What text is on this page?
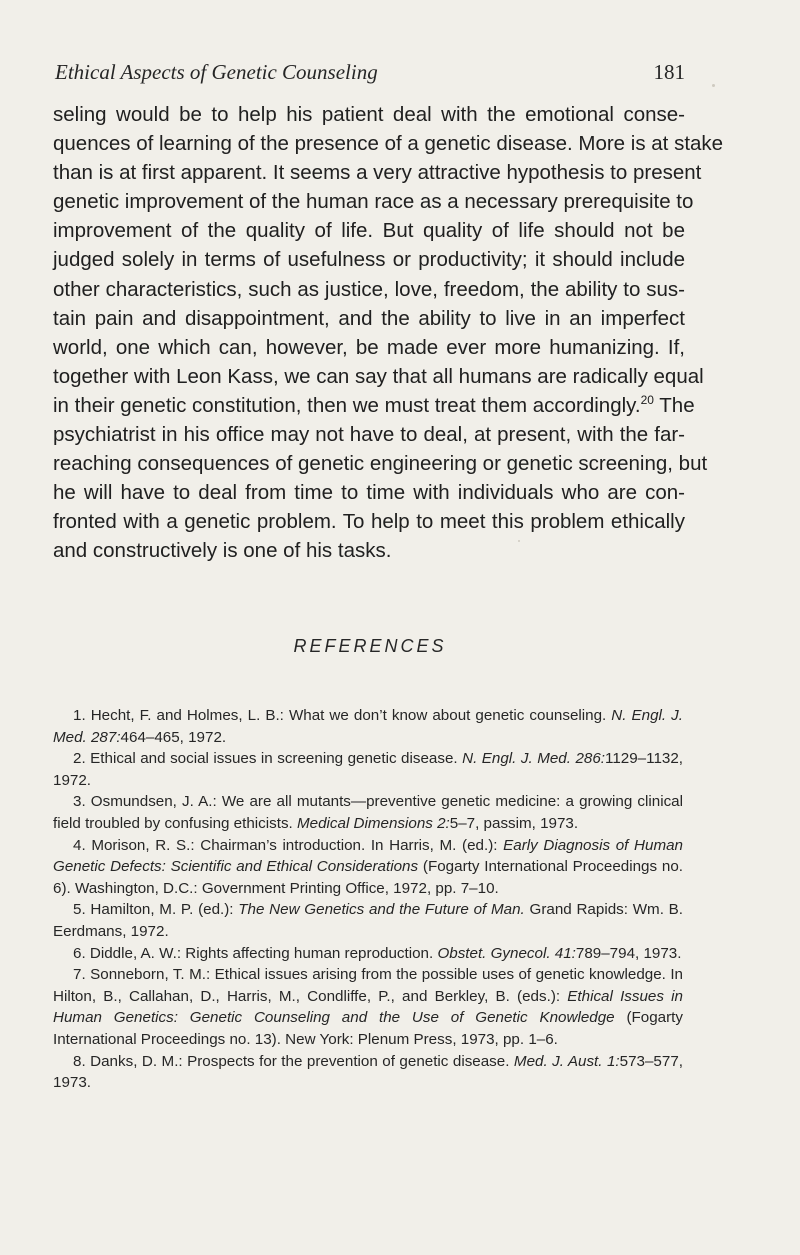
Ethical Aspects of Genetic Counseling	181
seling would be to help his patient deal with the emotional conse-
quences of learning of the presence of a genetic disease. More is at stake
than is at first apparent. It seems a very attractive hypothesis to present
genetic improvement of the human race as a necessary prerequisite to
improvement of the quality of life. But quality of life should not be
judged solely in terms of usefulness or productivity; it should include
other characteristics, such as justice, love, freedom, the ability to sus-
tain pain and disappointment, and the ability to live in an imperfect
world, one which can, however, be made ever more humanizing. If,
together with Leon Kass, we can say that all humans are radically equal
in their genetic constitution, then we must treat them accordingly.$^{20}$ The
psychiatrist in his office may not have to deal, at present, with the far-
reaching consequences of genetic engineering or genetic screening, but
he will have to deal from time to time with individuals who are con-
fronted with a genetic problem. To help to meet this problem ethically
and constructively is one of his tasks.
REFERENCES
1. Hecht, F. and Holmes, L. B.: What we don’t know about genetic counseling. N. Engl. J. Med. 287:464–465, 1972.
2. Ethical and social issues in screening genetic disease. N. Engl. J. Med. 286:1129–1132, 1972.
3. Osmundsen, J. A.: We are all mutants—preventive genetic medicine: a growing clinical field troubled by confusing ethicists. Medical Dimensions 2:5–7, passim, 1973.
4. Morison, R. S.: Chairman’s introduction. In Harris, M. (ed.): Early Diagnosis of Human Genetic Defects: Scientific and Ethical Considerations (Fogarty International Proceedings no. 6). Washington, D.C.: Government Printing Office, 1972, pp. 7–10.
5. Hamilton, M. P. (ed.): The New Genetics and the Future of Man. Grand Rapids: Wm. B. Eerdmans, 1972.
6. Diddle, A. W.: Rights affecting human reproduction. Obstet. Gynecol. 41:789–794, 1973.
7. Sonneborn, T. M.: Ethical issues arising from the possible uses of genetic knowledge. In Hilton, B., Callahan, D., Harris, M., Condliffe, P., and Berkley, B. (eds.): Ethical Issues in Human Genetics: Genetic Counseling and the Use of Genetic Knowledge (Fogarty International Proceedings no. 13). New York: Plenum Press, 1973, pp. 1–6.
8. Danks, D. M.: Prospects for the prevention of genetic disease. Med. J. Aust. 1:573–577, 1973.
